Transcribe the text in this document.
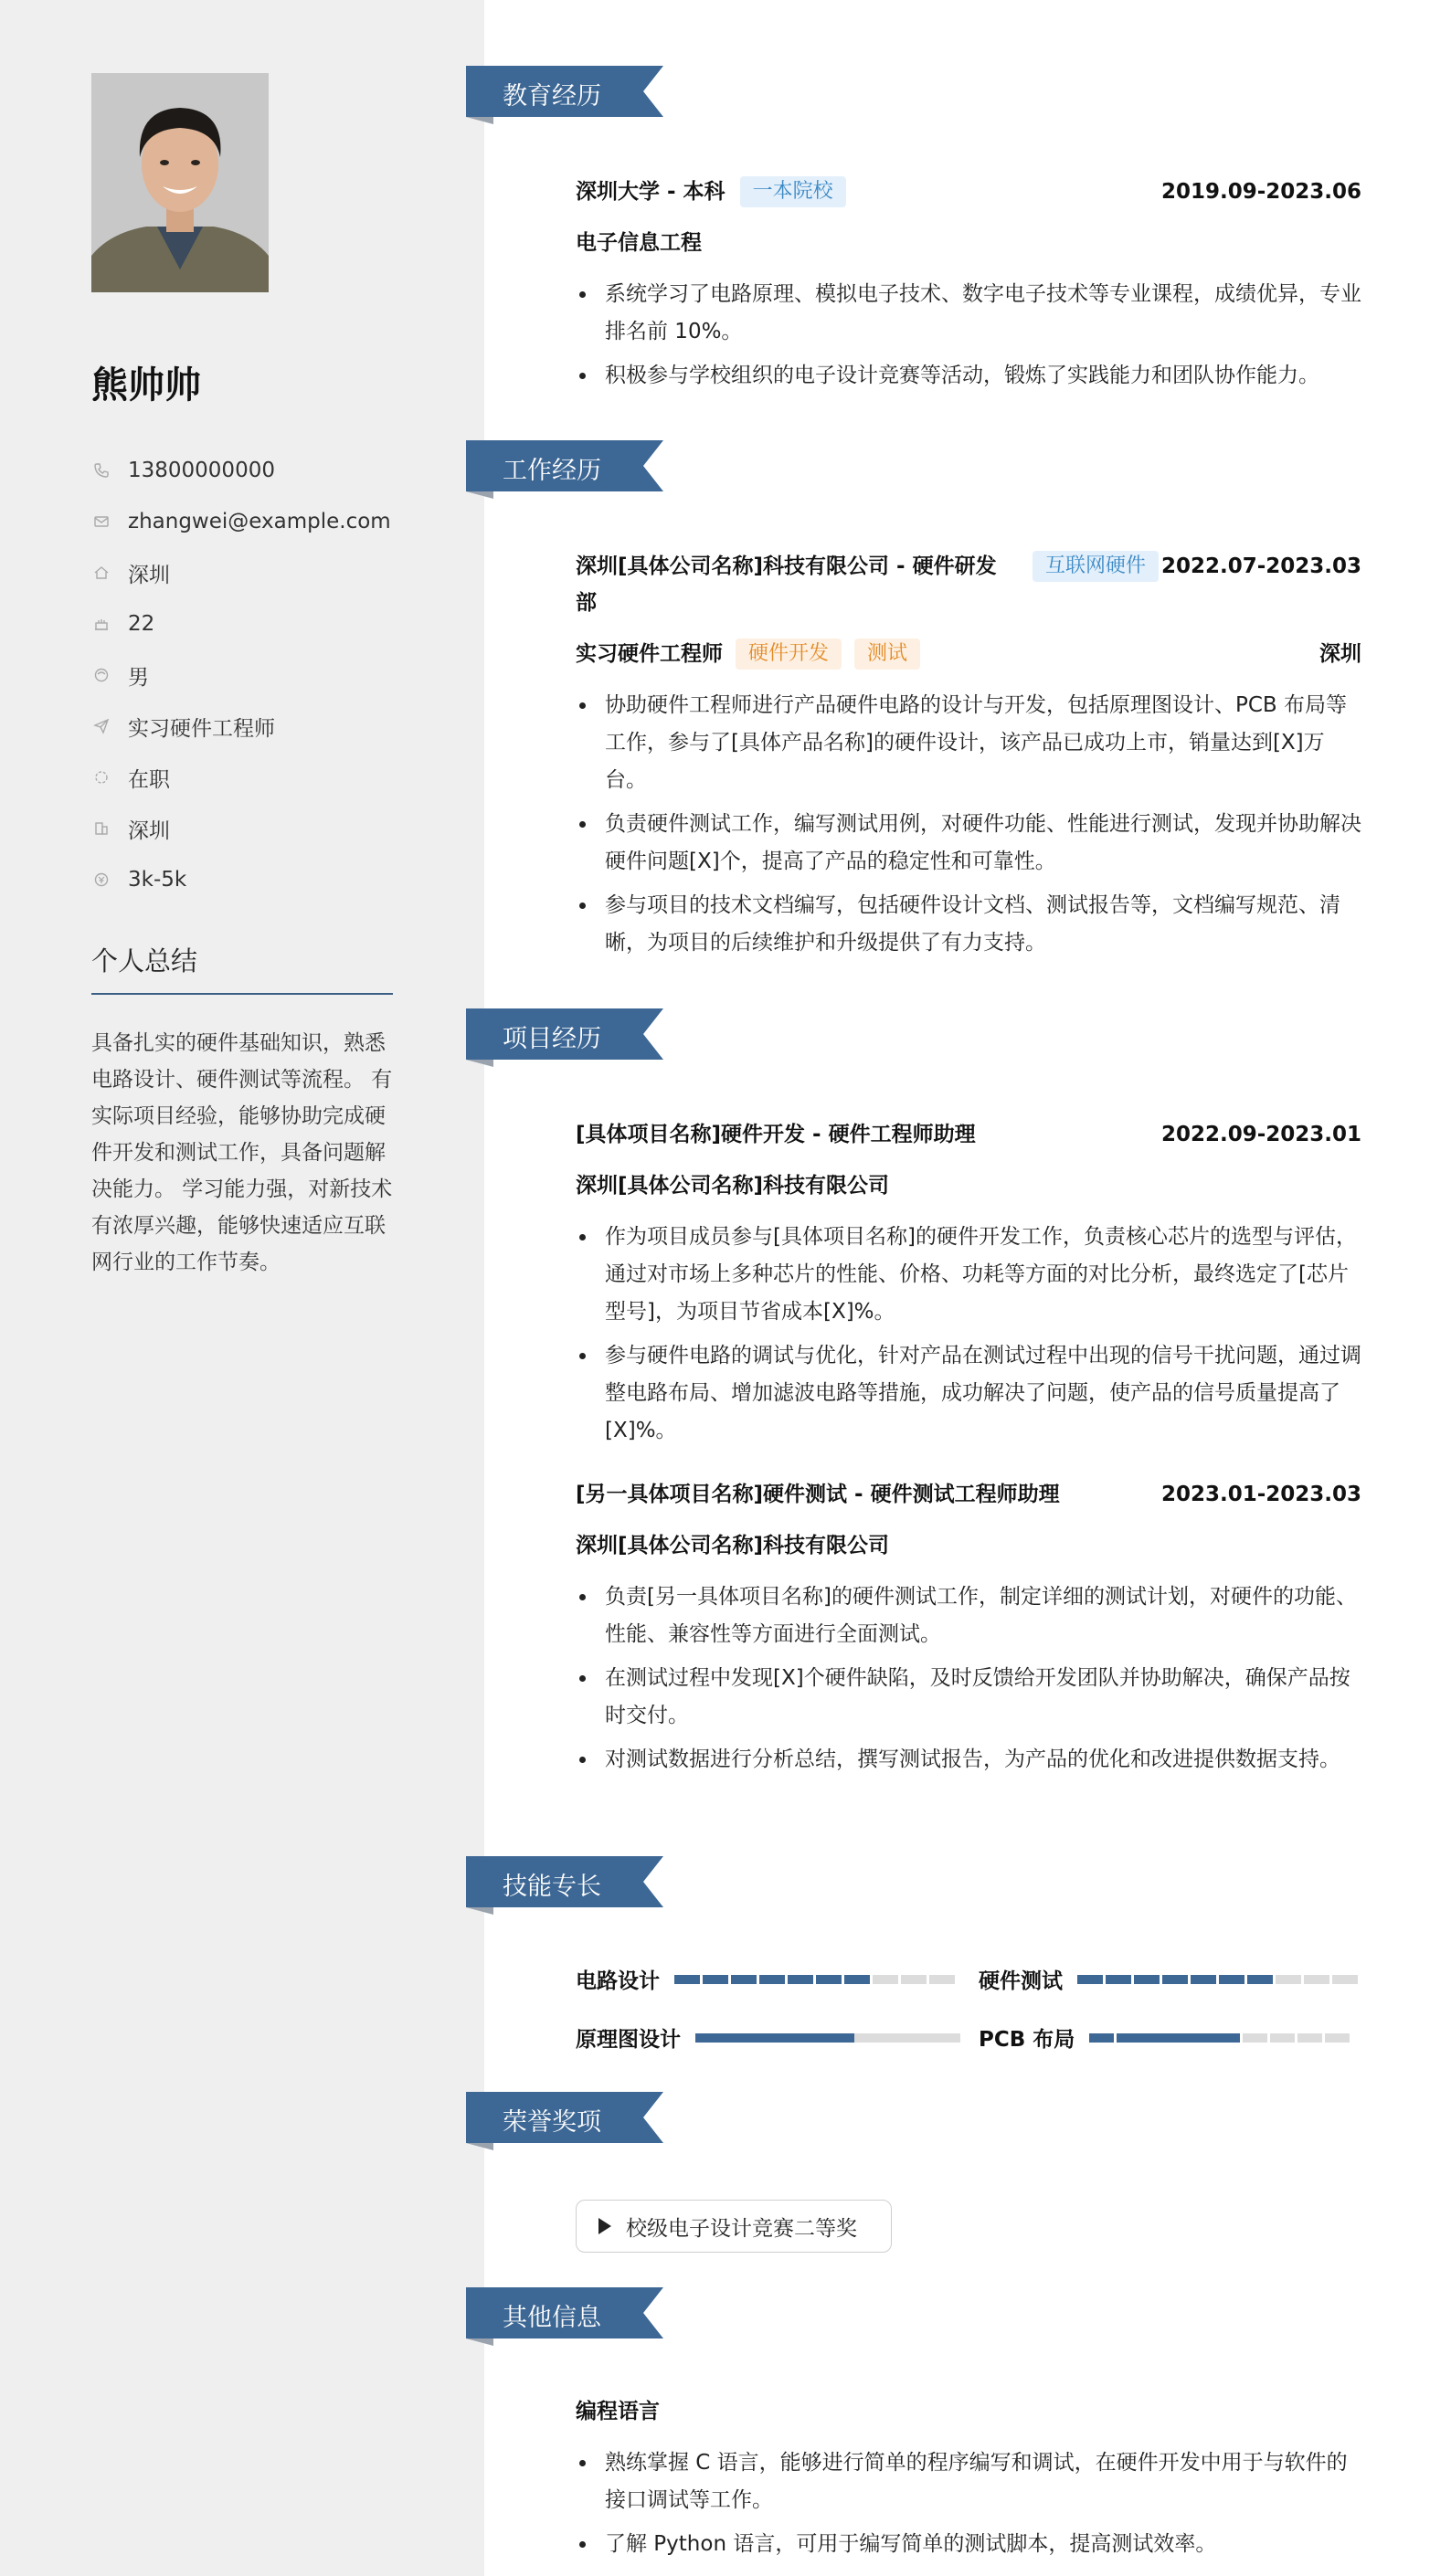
熊帅帅
13800000000
zhangwei@example.com
深圳
22
男
实习硬件工程师
在职
深圳
3k-5k
个人总结
具备扎实的硬件基础知识，熟悉电路设计、硬件测试等流程。 有实际项目经验，能够协助完成硬件开发和测试工作，具备问题解决能力。 学习能力强，对新技术有浓厚兴趣，能够快速适应互联网行业的工作节奏。
教育经历
深圳大学 - 本科	一本院校	2019.09-2023.06
电子信息工程
系统学习了电路原理、模拟电子技术、数字电子技术等专业课程，成绩优异，专业排名前 10%。
积极参与学校组织的电子设计竞赛等活动，锻炼了实践能力和团队协作能力。
工作经历
深圳[具体公司名称]科技有限公司 - 硬件研发部
互联网硬件 2022.07-2023.03
实习硬件工程师	硬件开发	测试	深圳
协助硬件工程师进行产品硬件电路的设计与开发，包括原理图设计、PCB 布局等工作，参与了[具体产品名称]的硬件设计，该产品已成功上市，销量达到[X]万台。
负责硬件测试工作，编写测试用例，对硬件功能、性能进行测试，发现并协助解决硬件问题[X]个，提高了产品的稳定性和可靠性。
参与项目的技术文档编写，包括硬件设计文档、测试报告等，文档编写规范、清晰，为项目的后续维护和升级提供了有力支持。
项目经历
[具体项目名称]硬件开发 - 硬件工程师助理	2022.09-2023.01
深圳[具体公司名称]科技有限公司
作为项目成员参与[具体项目名称]的硬件开发工作，负责核心芯片的选型与评估，通过对市场上多种芯片的性能、价格、功耗等方面的对比分析，最终选定了[芯片型号]，为项目节省成本[X]%。
参与硬件电路的调试与优化，针对产品在测试过程中出现的信号干扰问题，通过调整电路布局、增加滤波电路等措施，成功解决了问题，使产品的信号质量提高了[X]%。
[另一具体项目名称]硬件测试 - 硬件测试工程师助理	2023.01-2023.03
深圳[具体公司名称]科技有限公司
负责[另一具体项目名称]的硬件测试工作，制定详细的测试计划，对硬件的功能、性能、兼容性等方面进行全面测试。
在测试过程中发现[X]个硬件缺陷，及时反馈给开发团队并协助解决，确保产品按时交付。
对测试数据进行分析总结，撰写测试报告，为产品的优化和改进提供数据支持。
技能专长
电路设计	硬件测试
原理图设计	PCB 布局
荣誉奖项
校级电子设计竞赛二等奖
其他信息
编程语言
熟练掌握 C 语言，能够进行简单的程序编写和调试，在硬件开发中用于与软件的接口调试等工作。
了解 Python 语言，可用于编写简单的测试脚本，提高测试效率。
